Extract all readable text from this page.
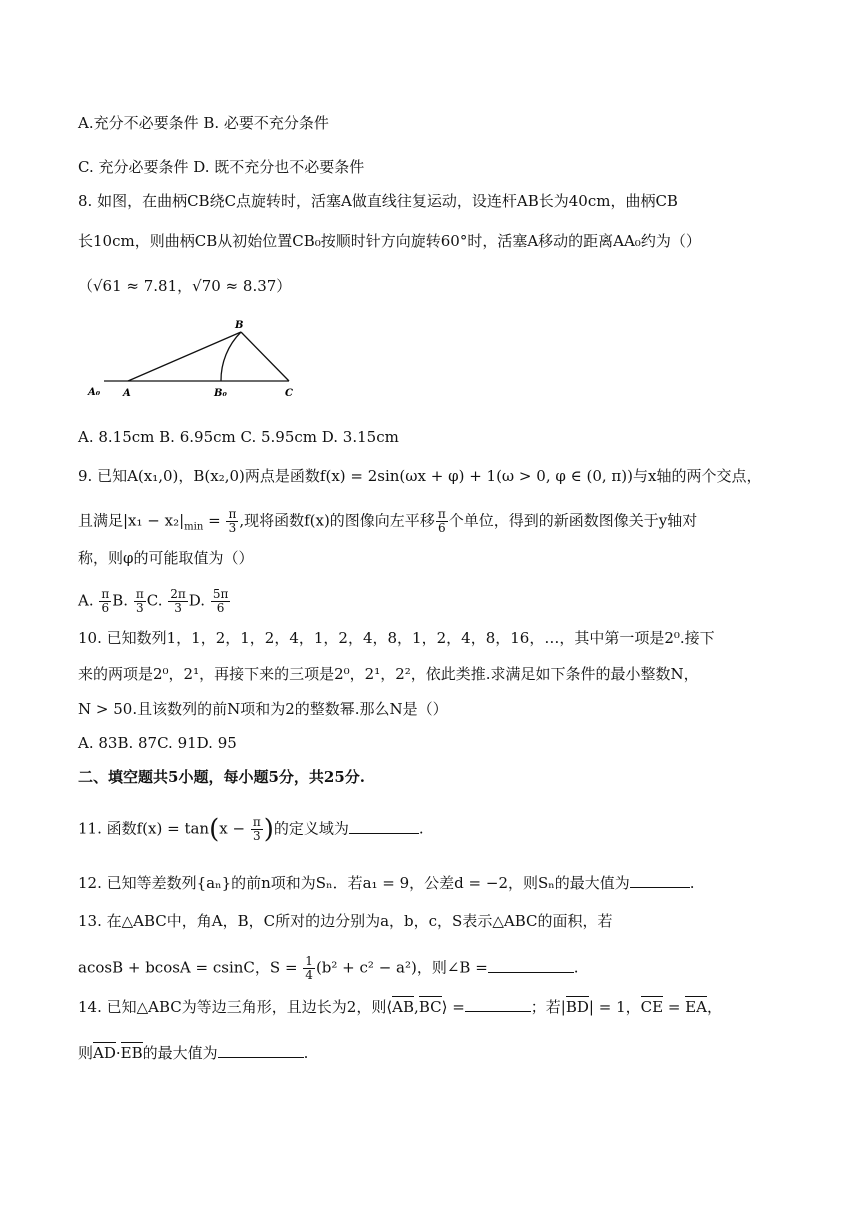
A.充分不必要条件 B. 必要不充分条件
C. 充分必要条件 D. 既不充分也不必要条件
8. 如图，在曲柄CB绕C点旋转时，活塞A做直线往复运动，设连杆AB长为40cm，曲柄CB
长10cm，则曲柄CB从初始位置CB₀按顺时针方向旋转60°时，活塞A移动的距离AA₀约为（）
（√61 ≈ 7.81，√70 ≈ 8.37）
A₀ A
B
B₀	C
A. 8.15cm B. 6.95cm C. 5.95cm D. 3.15cm
9. 已知A(x₁,0)，B(x₂,0)两点是函数f(x) = 2sin(ωx + φ) + 1(ω > 0, φ ∈ (0, π))与x轴的两个交点，
且满足$|x_1 - x_2|_{min} = \frac{\pi}{3}$ ,现将函数f(x)的图像向左平移 $\frac{\pi}{6}$ 个单位，得到的新函数图像关于y轴对
称，则φ的可能取值为（）
A. $\frac{\pi}{6} B$. $\frac{\pi}{3} C$. $\frac{2\pi}{3} D$. $\frac{5\pi}{6}$
10. 已知数列1，1，2，1，2，4，1，2，4，8，1，2，4，8，16，…，其中第一项是2⁰.接下
来的两项是2⁰，2¹，再接下来的三项是2⁰，2¹，2²，依此类推.求满足如下条件的最小整数N，
N > 50.且该数列的前N项和为2的整数幂.那么N是（）
A. 83B. 87C. 91D. 95
二、填空题共5小题，每小题5分，共25分.
11. 函数$f(x) = \tan(x - \frac{\pi}{3}$ )的定义域为	.
12. 已知等差数列{aₙ}的前n项和为Sₙ．若a₁ = 9，公差d = −2，则Sₙ的最大值为	.
13. 在△ABC中，角A，B，C所对的边分别为a，b，c，S表示△ABC的面积，若
acosB + bcosA = csinC，$S = \frac{1}{4} (b^2 + c^2 - a^2)$，则∠B =	.
14. 已知△ABC为等边三角形，且边长为2，则⟨AB,BC⟩ =	；若|BD| = 1，CE = EA，
则AD·EB的最大值为	.
